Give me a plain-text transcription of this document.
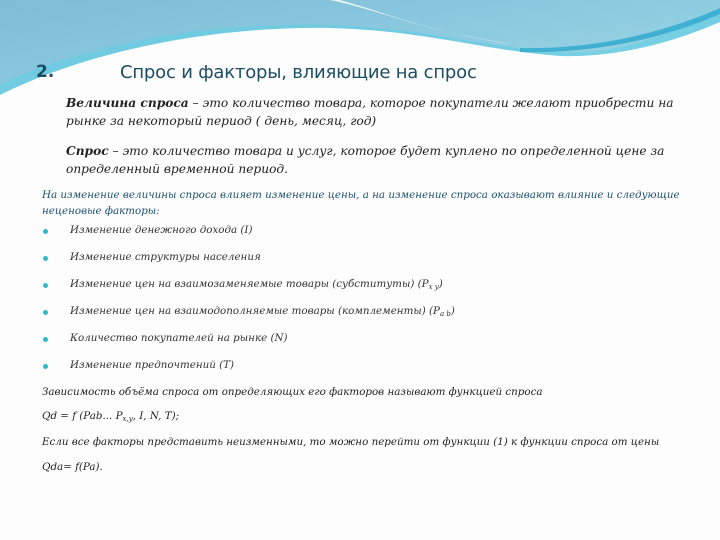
2.	Спрос и факторы, влияющие на спрос
Величина спроса – это количество товара, которое покупатели желают приобрести на
рынке за некоторый период ( день, месяц, год)
Спрос – это количество товара и услуг, которое будет куплено по определенной цене за
определенный временной период.
На изменение величины спроса влияет изменение цены, а на изменение спроса оказывают влияние и следующие неценовые факторы:
Изменение денежного дохода (I)
Изменение структуры населения
Изменение цен на взаимозаменяемые товары (субституты) $(P_{x y})$
Изменение цен на взаимодополняемые товары (комплементы) $(P_{a b})$
Количество покупателей на рынке (N)
Изменение предпочтений (T)
Зависимость объёма спроса от определяющих его факторов называют функцией спроса
Qd = f (Pab... $P_{x,y}$, I, N, T);
Если все факторы представить неизменными, то можно перейти от функции (1) к функции спроса от цены
Qda= f(Pa).
